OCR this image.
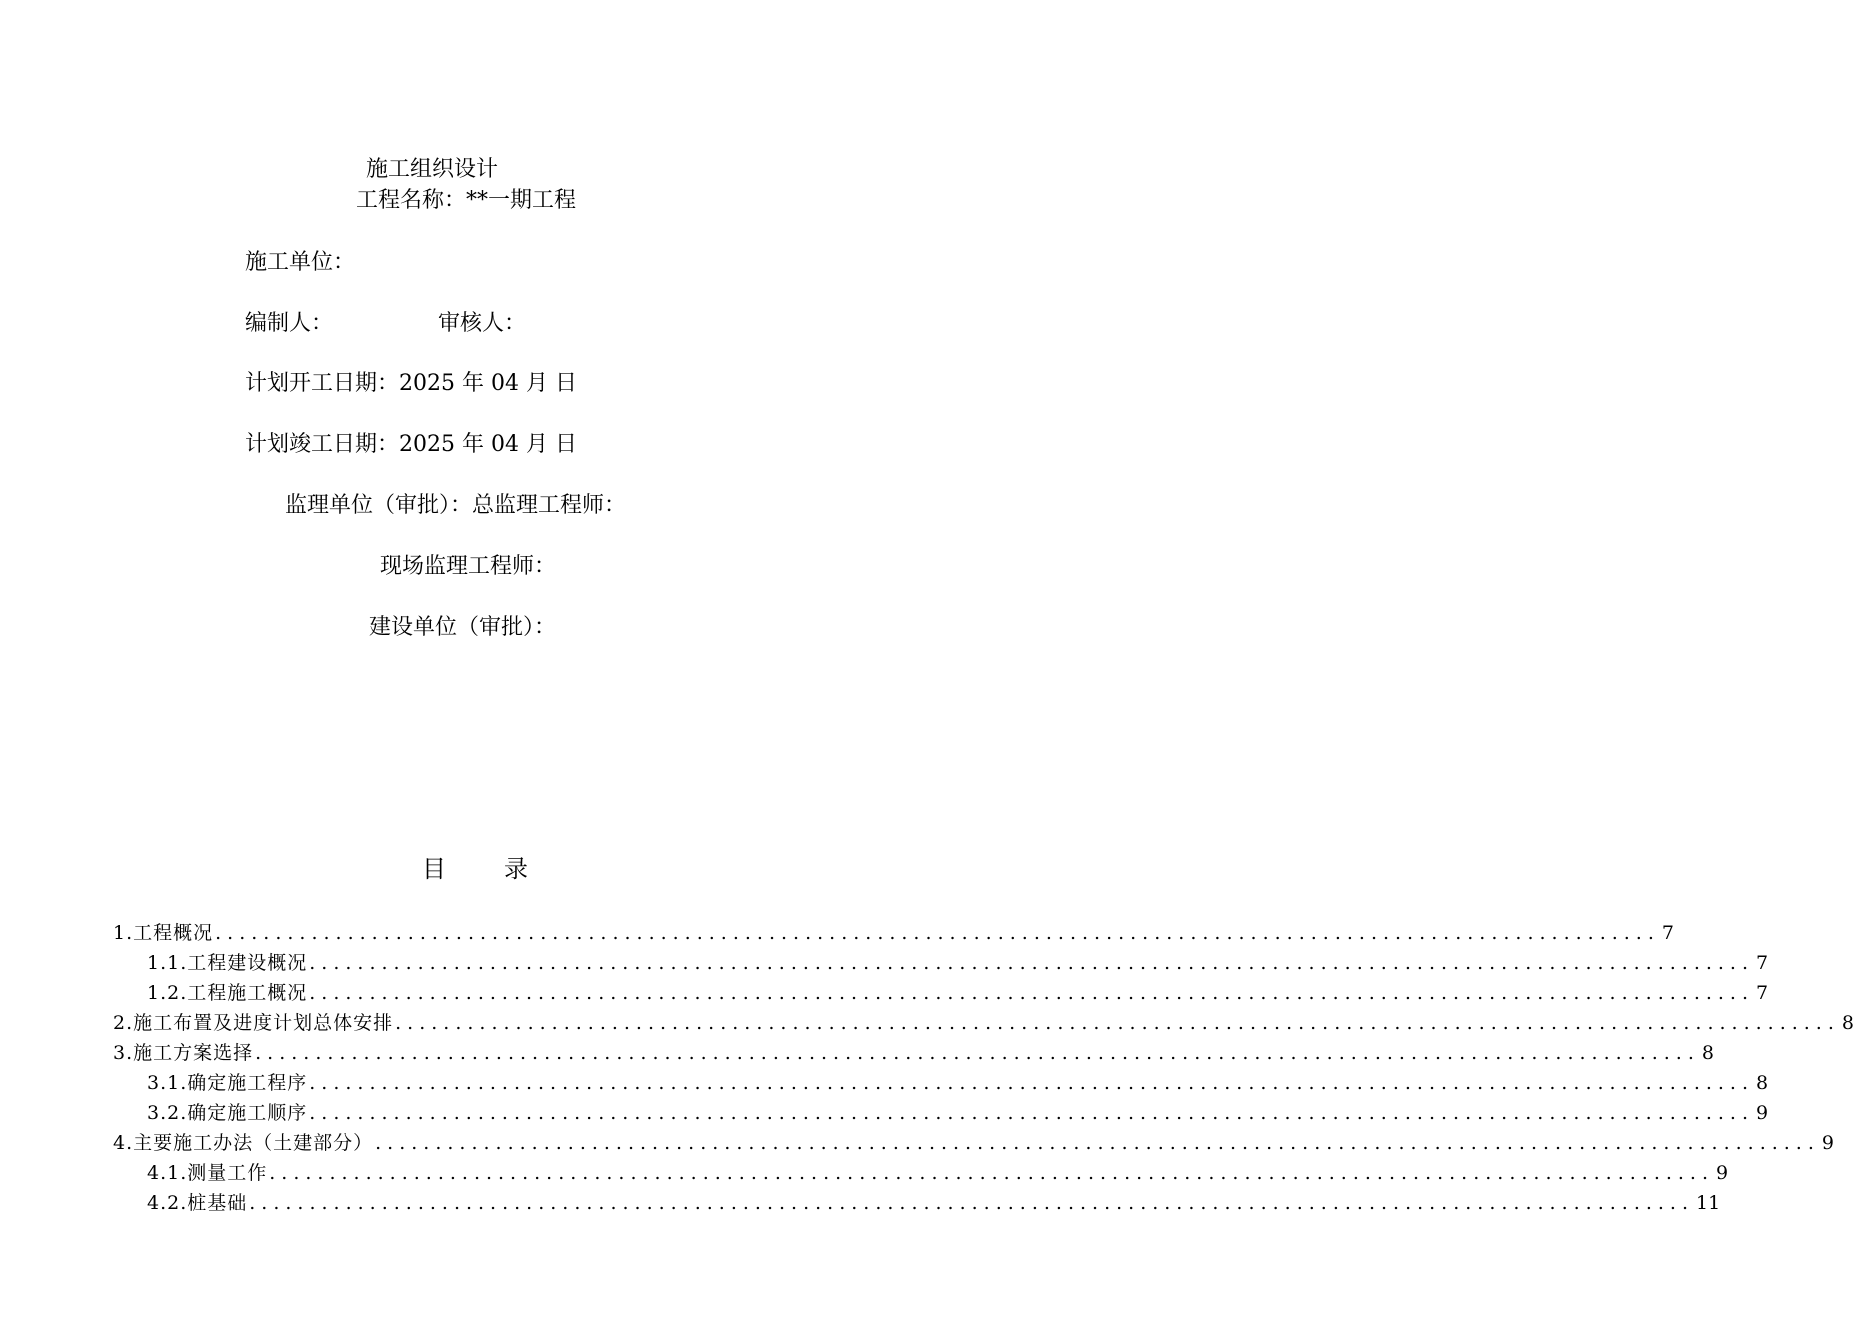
施工组织设计
工程名称：**一期工程
施工单位：
编制人：	审核人：
计划开工日期：2025 年 04 月 日
计划竣工日期：2025 年 04 月 日
监理单位（审批）：总监理工程师：
现场监理工程师：
建设单位（审批）：
目 录
1.工程概况 ........................................................................................................................ 7
1.1.工程建设概况 ........................................................................................................................ 7
1.2.工程施工概况 ........................................................................................................................ 7
2.施工布置及进度计划总体安排 ........................................................................................................................ 8
3.施工方案选择 ........................................................................................................................ 8
3.1.确定施工程序 ........................................................................................................................ 8
3.2.确定施工顺序 ........................................................................................................................ 9
4.主要施工办法（土建部分） ........................................................................................................................ 9
4.1.测量工作 ........................................................................................................................ 9
4.2.桩基础 ........................................................................................................................ 11
